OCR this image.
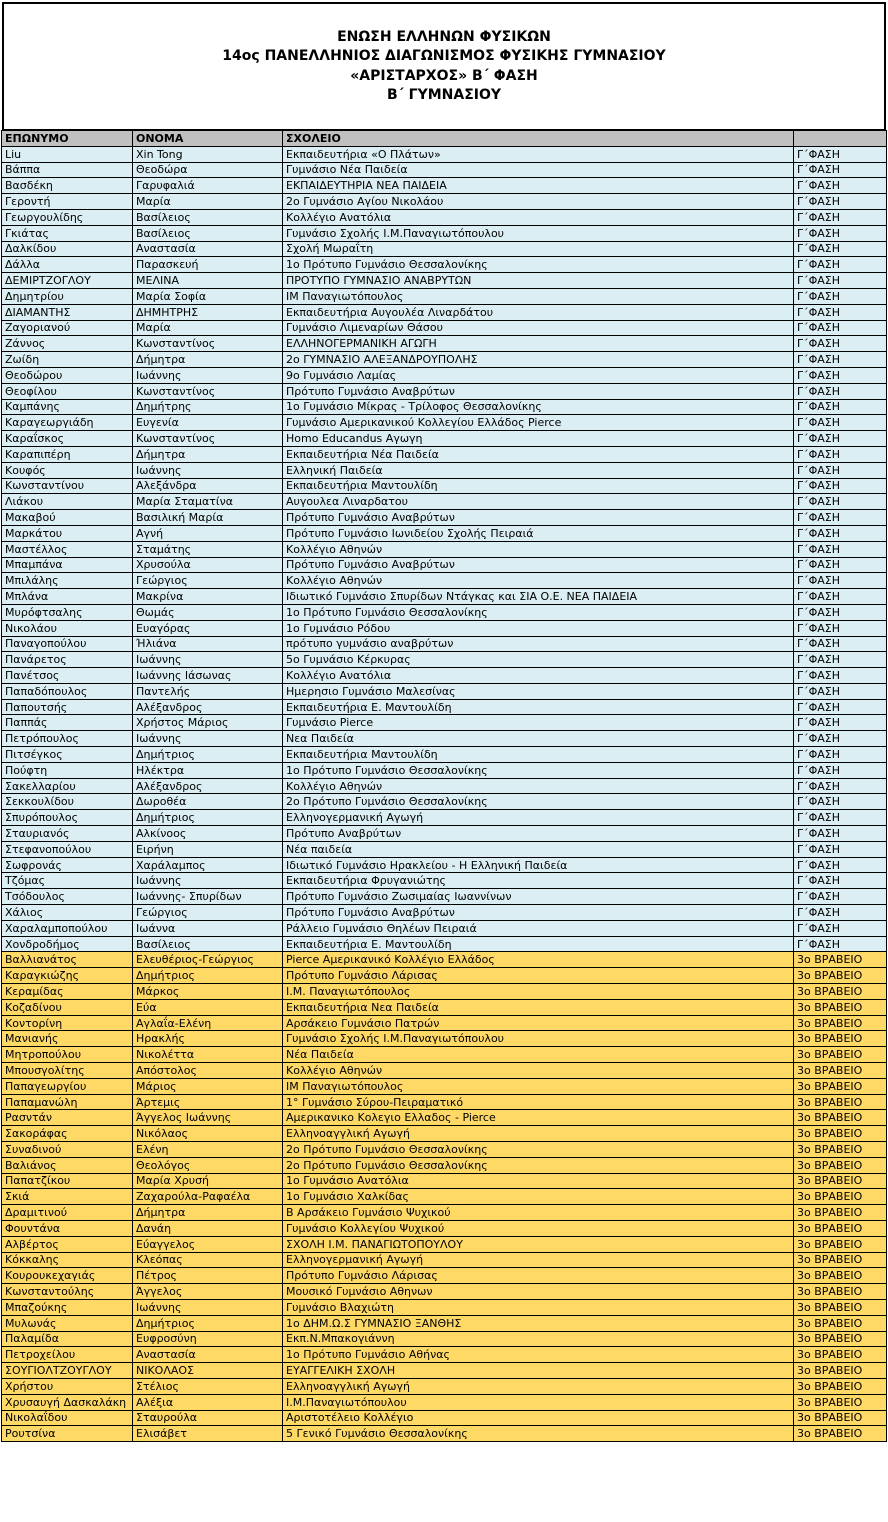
ΕΝΩΣΗ ΕΛΛΗΝΩΝ ΦΥΣΙΚΩΝ
14ος ΠΑΝΕΛΛΗΝΙΟΣ ΔΙΑΓΩΝΙΣΜΟΣ ΦΥΣΙΚΗΣ ΓΥΜΝΑΣΙΟΥ
«ΑΡΙΣΤΑΡΧΟΣ» Β΄ ΦΑΣΗ
Β΄ ΓΥΜΝΑΣΙΟΥ
ΕΠΩΝΥΜΟ	ΟΝΟΜΑ	ΣΧΟΛΕΙΟ	
Liu	Xin Tong	Εκπαιδευτήρια «Ο Πλάτων»	Γ΄ΦΑΣΗ
Βάππα	Θεοδώρα	Γυμνάσιο Νέα Παιδεία	Γ΄ΦΑΣΗ
Βασδέκη	Γαρυφαλιά	ΕΚΠΑΙΔΕΥΤΗΡΙΑ ΝΕΑ ΠΑΙΔΕΙΑ	Γ΄ΦΑΣΗ
Γεροντή	Μαρία	2ο Γυμνάσιο Αγίου Νικολάου	Γ΄ΦΑΣΗ
Γεωργουλίδης	Βασίλειος	Κολλέγιο Ανατόλια	Γ΄ΦΑΣΗ
Γκιάτας	Βασίλειος	Γυμνάσιο Σχολής Ι.Μ.Παναγιωτόπουλου	Γ΄ΦΑΣΗ
Δαλκίδου	Αναστασία	Σχολή Μωραΐτη	Γ΄ΦΑΣΗ
Δάλλα	Παρασκευή	1ο Πρότυπο Γυμνάσιο Θεσσαλονίκης	Γ΄ΦΑΣΗ
ΔΕΜΙΡΤΖΟΓΛΟΥ	ΜΕΛΙΝΑ	ΠΡΟΤΥΠΟ ΓΥΜΝΑΣΙΟ ΑΝΑΒΡΥΤΩΝ	Γ΄ΦΑΣΗ
Δημητρίου	Μαρία Σοφία	ΙΜ Παναγιωτόπουλος	Γ΄ΦΑΣΗ
ΔΙΑΜΑΝΤΗΣ	ΔΗΜΗΤΡΗΣ	Εκπαιδευτήρια Αυγουλέα Λιναρδάτου	Γ΄ΦΑΣΗ
Ζαγοριανού	Μαρία	Γυμνάσιο Λιμεναρίων Θάσου	Γ΄ΦΑΣΗ
Ζάννος	Κωνσταντίνος	ΕΛΛΗΝΟΓΕΡΜΑΝΙΚΗ ΑΓΩΓΗ	Γ΄ΦΑΣΗ
Ζωίδη	Δήμητρα	2ο ΓΥΜΝΑΣΙΟ ΑΛΕΞΑΝΔΡΟΥΠΟΛΗΣ	Γ΄ΦΑΣΗ
Θεοδώρου	Ιωάννης	9ο Γυμνάσιο Λαμίας	Γ΄ΦΑΣΗ
Θεοφίλου	Κωνσταντίνος	Πρότυπο Γυμνάσιο Αναβρύτων	Γ΄ΦΑΣΗ
Καμπάνης	Δημήτρης	1ο Γυμνάσιο Μίκρας - Τρίλοφος Θεσσαλονίκης	Γ΄ΦΑΣΗ
Καραγεωργιάδη	Ευγενία	Γυμνάσιο Αμερικανικού Κολλεγίου Ελλάδος Pierce	Γ΄ΦΑΣΗ
Καραΐσκος	Κωνσταντίνος	Homo Educandus Αγωγη	Γ΄ΦΑΣΗ
Καραπιπέρη	Δήμητρα	Εκπαιδευτήρια Νέα Παιδεία	Γ΄ΦΑΣΗ
Κουφός	Ιωάννης	Ελληνική Παιδεία	Γ΄ΦΑΣΗ
Κωνσταντίνου	Αλεξάνδρα	Εκπαιδευτήρια Μαντουλίδη	Γ΄ΦΑΣΗ
Λιάκου	Μαρία Σταματίνα	Αυγουλεα Λιναρδατου	Γ΄ΦΑΣΗ
Μακαβού	Βασιλική Μαρία	Πρότυπο Γυμνάσιο Αναβρύτων	Γ΄ΦΑΣΗ
Μαρκάτου	Αγνή	Πρότυπο Γυμνάσιο Ιωνιδείου Σχολής Πειραιά	Γ΄ΦΑΣΗ
Μαστέλλος	Σταμάτης	Κολλέγιο Αθηνών	Γ΄ΦΑΣΗ
Μπαμπάνα	Χρυσούλα	Πρότυπο Γυμνάσιο Αναβρύτων	Γ΄ΦΑΣΗ
Μπιλάλης	Γεώργιος	Κολλέγιο Αθηνών	Γ΄ΦΑΣΗ
Μπλάνα	Μακρίνα	Ιδιωτικό Γυμνάσιο Σπυρίδων Ντάγκας και ΣΙΑ Ο.Ε. ΝΕΑ ΠΑΙΔΕΙΑ	Γ΄ΦΑΣΗ
Μυρόφτσαλης	Θωμάς	1ο Πρότυπο Γυμνάσιο Θεσσαλονίκης	Γ΄ΦΑΣΗ
Νικολάου	Ευαγόρας	1ο Γυμνάσιο Ρόδου	Γ΄ΦΑΣΗ
Παναγοπούλου	Ήλιάνα	πρότυπο γυμνάσιο αναβρύτων	Γ΄ΦΑΣΗ
Πανάρετος	Ιωάννης	5ο Γυμνάσιο Κέρκυρας	Γ΄ΦΑΣΗ
Πανέτσος	Ιωάννης Ιάσωνας	Κολλέγιο Ανατόλια	Γ΄ΦΑΣΗ
Παπαδόπουλος	Παντελής	Ημερησιο Γυμνάσιο Μαλεσίνας	Γ΄ΦΑΣΗ
Παπουτσής	Αλέξανδρος	Εκπαιδευτήρια Ε. Μαντουλίδη	Γ΄ΦΑΣΗ
Παππάς	Χρήστος Μάριος	Γυμνάσιο Pierce	Γ΄ΦΑΣΗ
Πετρόπουλος	Ιωάννης	Νεα Παιδεία	Γ΄ΦΑΣΗ
Πιτσέγκος	Δημήτριος	Εκπαιδευτήρια Μαντουλίδη	Γ΄ΦΑΣΗ
Πούφτη	Ηλέκτρα	1ο Πρότυπο Γυμνάσιο Θεσσαλονίκης	Γ΄ΦΑΣΗ
Σακελλαρίου	Αλέξανδρος	Κολλέγιο Αθηνών	Γ΄ΦΑΣΗ
Σεκκουλίδου	Δωροθέα	2ο Πρότυπο Γυμνάσιο Θεσσαλονίκης	Γ΄ΦΑΣΗ
Σπυρόπουλος	Δημήτριος	Ελληνογερμανική Αγωγή	Γ΄ΦΑΣΗ
Σταυριανός	Αλκίνοος	Πρότυπο Αναβρύτων	Γ΄ΦΑΣΗ
Στεφανοπούλου	Ειρήνη	Νέα παιδεία	Γ΄ΦΑΣΗ
Σωφρονάς	Χαράλαμπος	Ιδιωτικό Γυμνάσιο Ηρακλείου - Η Ελληνική Παιδεία	Γ΄ΦΑΣΗ
Τζόμας	Ιωάννης	Εκπαιδευτήρια Φρυγανιώτης	Γ΄ΦΑΣΗ
Τσόδουλος	Ιωάννης- Σπυρίδων	Πρότυπο Γυμνάσιο Ζωσιμαίας Ιωαννίνων	Γ΄ΦΑΣΗ
Χάλιος	Γεώργιος	Πρότυπο Γυμνάσιο Αναβρύτων	Γ΄ΦΑΣΗ
Χαραλαμποπούλου	Ιωάννα	Ράλλειο Γυμνάσιο Θηλέων Πειραιά	Γ΄ΦΑΣΗ
Χονδροδήμος	Βασίλειος	Εκπαιδευτήρια Ε. Μαντουλίδη	Γ΄ΦΑΣΗ
Βαλλιανάτος	Ελευθέριος-Γεώργιος	Pierce Αμερικανικό Κολλέγιο Ελλάδος	3ο ΒΡΑΒΕΙΟ
Καραγκιώζης	Δημήτριος	Πρότυπο Γυμνάσιο Λάρισας	3ο ΒΡΑΒΕΙΟ
Κεραμίδας	Μάρκος	Ι.Μ. Παναγιωτόπουλος	3ο ΒΡΑΒΕΙΟ
Κοζαδίνου	Εύα	Εκπαιδευτήρια Νεα Παιδεία	3ο ΒΡΑΒΕΙΟ
Κοντορίνη	Αγλαΐα-Ελένη	Αρσάκειο Γυμνάσιο Πατρών	3ο ΒΡΑΒΕΙΟ
Μανιανής	Ηρακλής	Γυμνάσιο Σχολής Ι.Μ.Παναγιωτόπουλου	3ο ΒΡΑΒΕΙΟ
Μητροπούλου	Νικολέττα	Νέα Παιδεία	3ο ΒΡΑΒΕΙΟ
Μπουσγολίτης	Απόστολος	Κολλέγιο Αθηνών	3ο ΒΡΑΒΕΙΟ
Παπαγεωργίου	Μάριος	ΙΜ Παναγιωτόπουλος	3ο ΒΡΑΒΕΙΟ
Παπαμανώλη	Άρτεμις	1° Γυμνάσιο Σύρου-Πειραματικό	3ο ΒΡΑΒΕΙΟ
Ρασντάν	Άγγελος Ιωάννης	Αμερικανικο Κολεγιο Ελλαδος - Pierce	3ο ΒΡΑΒΕΙΟ
Σακοράφας	Νικόλαος	Ελληνοαγγλική Αγωγή	3ο ΒΡΑΒΕΙΟ
Συναδινού	Ελένη	2ο Πρότυπο Γυμνάσιο Θεσσαλονίκης	3ο ΒΡΑΒΕΙΟ
Βαλιάνος	Θεολόγος	2ο Πρότυπο Γυμνάσιο Θεσσαλονίκης	3ο ΒΡΑΒΕΙΟ
Παπατζίκου	Μαρία Χρυσή	1ο Γυμνάσιο Ανατόλια	3ο ΒΡΑΒΕΙΟ
Σκιά	Ζαχαρούλα-Ραφαέλα	1ο Γυμνάσιο Χαλκίδας	3ο ΒΡΑΒΕΙΟ
Δραμιτινού	Δήμητρα	Β Αρσάκειο Γυμνάσιο Ψυχικού	3ο ΒΡΑΒΕΙΟ
Φουντάνα	Δανάη	Γυμνάσιο Κολλεγίου Ψυχικού	3ο ΒΡΑΒΕΙΟ
Αλβέρτος	Εύαγγελος	ΣΧΟΛΗ Ι.Μ. ΠΑΝΑΓΙΩΤΟΠΟΥΛΟΥ	3ο ΒΡΑΒΕΙΟ
Κόκκαλης	Κλεόπας	Ελληνογερμανική Αγωγή	3ο ΒΡΑΒΕΙΟ
Κουρουκεχαγιάς	Πέτρος	Πρότυπο Γυμνάσιο Λάρισας	3ο ΒΡΑΒΕΙΟ
Κωνσταντούλης	Άγγελος	Μουσικό Γυμνάσιο Αθηνων	3ο ΒΡΑΒΕΙΟ
Μπαζούκης	Ιωάννης	Γυμνάσιο Βλαχιώτη	3ο ΒΡΑΒΕΙΟ
Μυλωνάς	Δημήτριος	1ο ΔΗΜ.Ω.Σ ΓΥΜΝΑΣΙΟ ΞΑΝΘΗΣ	3ο ΒΡΑΒΕΙΟ
Παλαμίδα	Ευφροσύνη	Εκπ.Ν.Μπακογιάννη	3ο ΒΡΑΒΕΙΟ
Πετροχείλου	Αναστασία	1ο Πρότυπο Γυμνάσιο Αθήνας	3ο ΒΡΑΒΕΙΟ
ΣΟΥΓΙΟΛΤΖΟΥΓΛΟΥ	ΝΙΚΟΛΑΟΣ	ΕΥΑΓΓΕΛΙΚΗ ΣΧΟΛΗ	3ο ΒΡΑΒΕΙΟ
Χρήστου	Στέλιος	Ελληνοαγγλική Αγωγή	3ο ΒΡΑΒΕΙΟ
Χρυσαυγή Δασκαλάκη	Αλέξια	Ι.Μ.Παναγιωτόπουλου	3ο ΒΡΑΒΕΙΟ
Νικολαΐδου	Σταυρούλα	Αριστοτέλειο Κολλέγιο	3ο ΒΡΑΒΕΙΟ
Ρουτσίνα	Ελισάβετ	5 Γενικό Γυμνάσιο Θεσσαλονίκης	3ο ΒΡΑΒΕΙΟ
